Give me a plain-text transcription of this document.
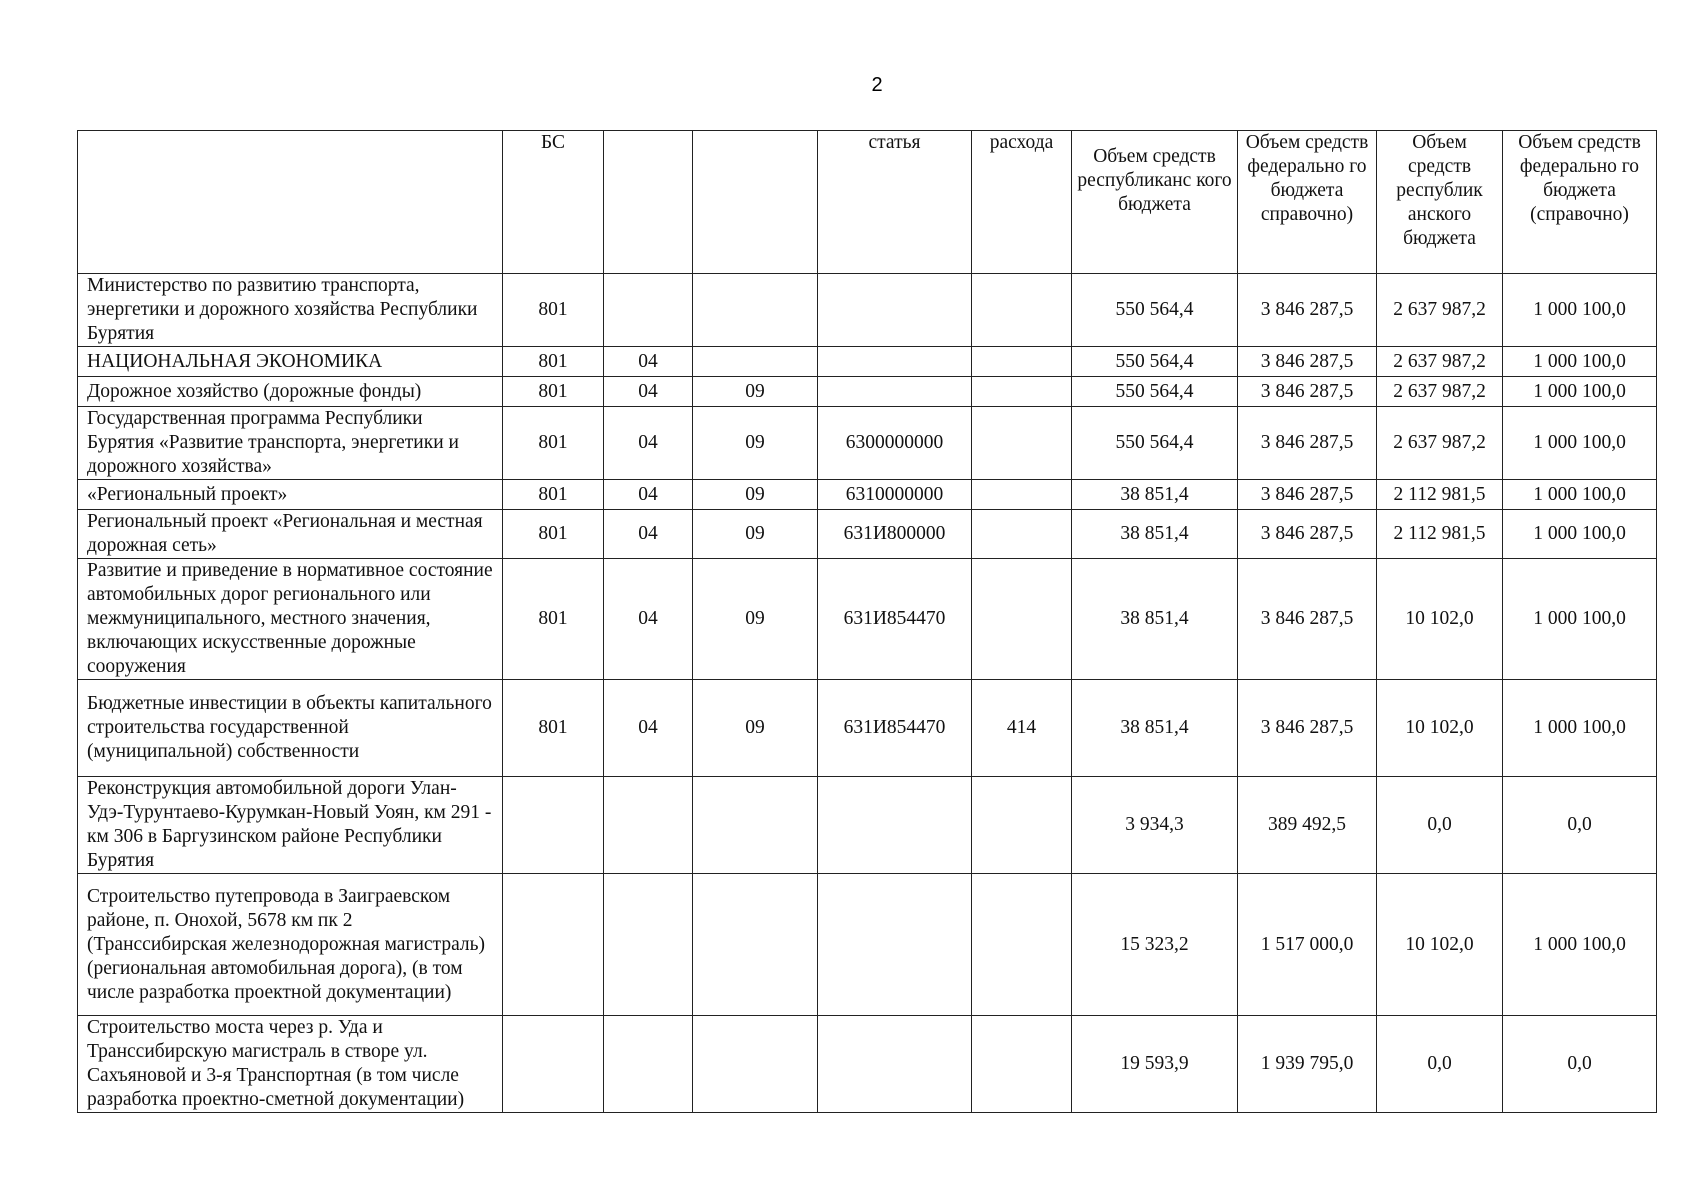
2
	БС			статья	расхода	Объем средств республиканс кого бюджета	Объем средств федерально го бюджета справочно)	Объем средств республик анского бюджета	Объем средств федерально го бюджета (справочно)
Министерство по развитию транспорта, энергетики и дорожного хозяйства Республики Бурятия	801					550 564,4	3 846 287,5	2 637 987,2	1 000 100,0
НАЦИОНАЛЬНАЯ ЭКОНОМИКА	801	04				550 564,4	3 846 287,5	2 637 987,2	1 000 100,0
Дорожное хозяйство (дорожные фонды)	801	04	09			550 564,4	3 846 287,5	2 637 987,2	1 000 100,0
Государственная программа Республики Бурятия «Развитие транспорта, энергетики и дорожного хозяйства»	801	04	09	6300000000		550 564,4	3 846 287,5	2 637 987,2	1 000 100,0
«Региональный проект»	801	04	09	6310000000		38 851,4	3 846 287,5	2 112 981,5	1 000 100,0
Региональный проект «Региональная и местная дорожная сеть»	801	04	09	631И800000		38 851,4	3 846 287,5	2 112 981,5	1 000 100,0
Развитие и приведение в нормативное состояние автомобильных дорог регионального или межмуниципального, местного значения, включающих искусственные дорожные сооружения	801	04	09	631И854470		38 851,4	3 846 287,5	10 102,0	1 000 100,0
Бюджетные инвестиции в объекты капитального строительства государственной (муниципальной) собственности	801	04	09	631И854470	414	38 851,4	3 846 287,5	10 102,0	1 000 100,0
Реконструкция автомобильной дороги Улан-Удэ-Турунтаево-Курумкан-Новый Уоян, км 291 - км 306 в Баргузинском районе Республики Бурятия						3 934,3	389 492,5	0,0	0,0
Строительство путепровода в Заиграевском районе, п. Онохой, 5678 км пк 2 (Транссибирская железнодорожная магистраль) (региональная автомобильная дорога), (в том числе разработка проектной документации)						15 323,2	1 517 000,0	10 102,0	1 000 100,0
Строительство моста через р. Уда и Транссибирскую магистраль в створе ул. Сахъяновой и 3-я Транспортная (в том числе разработка проектно-сметной документации)						19 593,9	1 939 795,0	0,0	0,0
